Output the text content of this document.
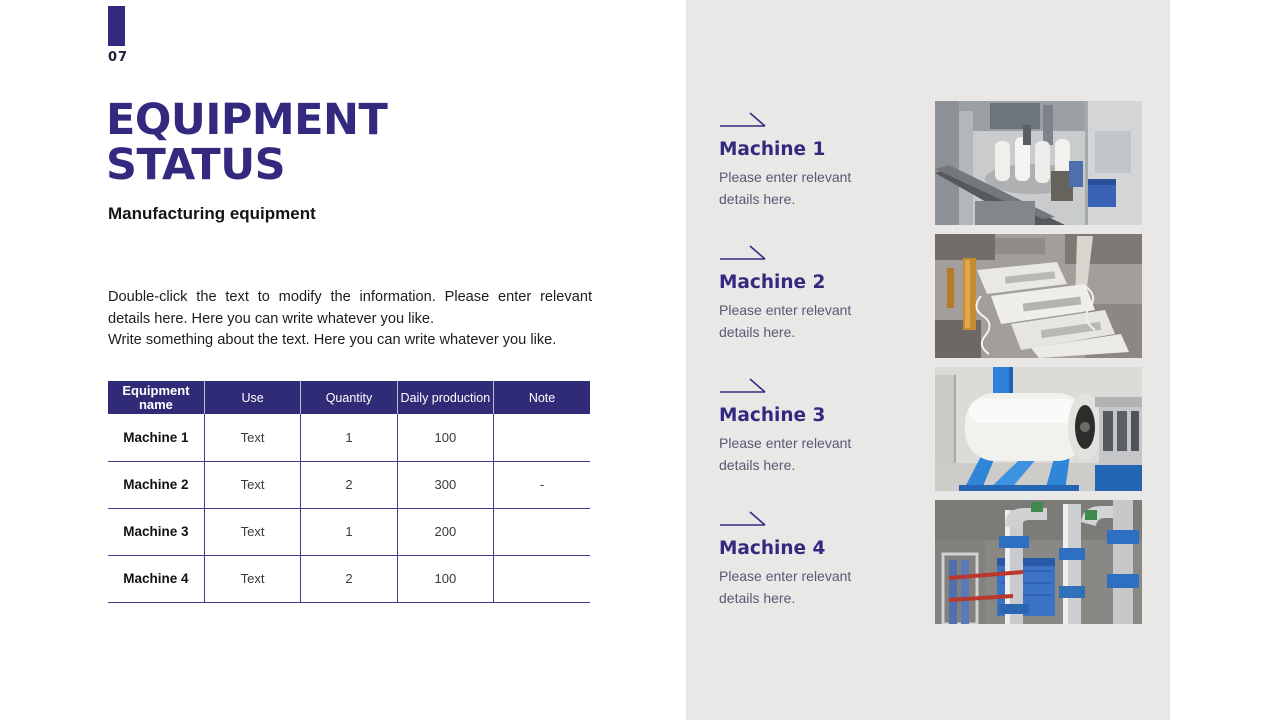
07
EQUIPMENT
STATUS
Manufacturing equipment

Double-click the text to modify the information. Please enter relevant details here. Here you can write whatever you like.

Write something about the text. Here you can write whatever you like.

Equipment name	Use	Quantity	Daily production	Note
Machine 1	Text	1	100	
Machine 2	Text	2	300	-
Machine 3	Text	1	200	
Machine 4	Text	2	100	
Machine 1
Please enter relevant details here.
Machine 2
Please enter relevant details here.
Machine 3
Please enter relevant details here.
Machine 4
Please enter relevant details here.
